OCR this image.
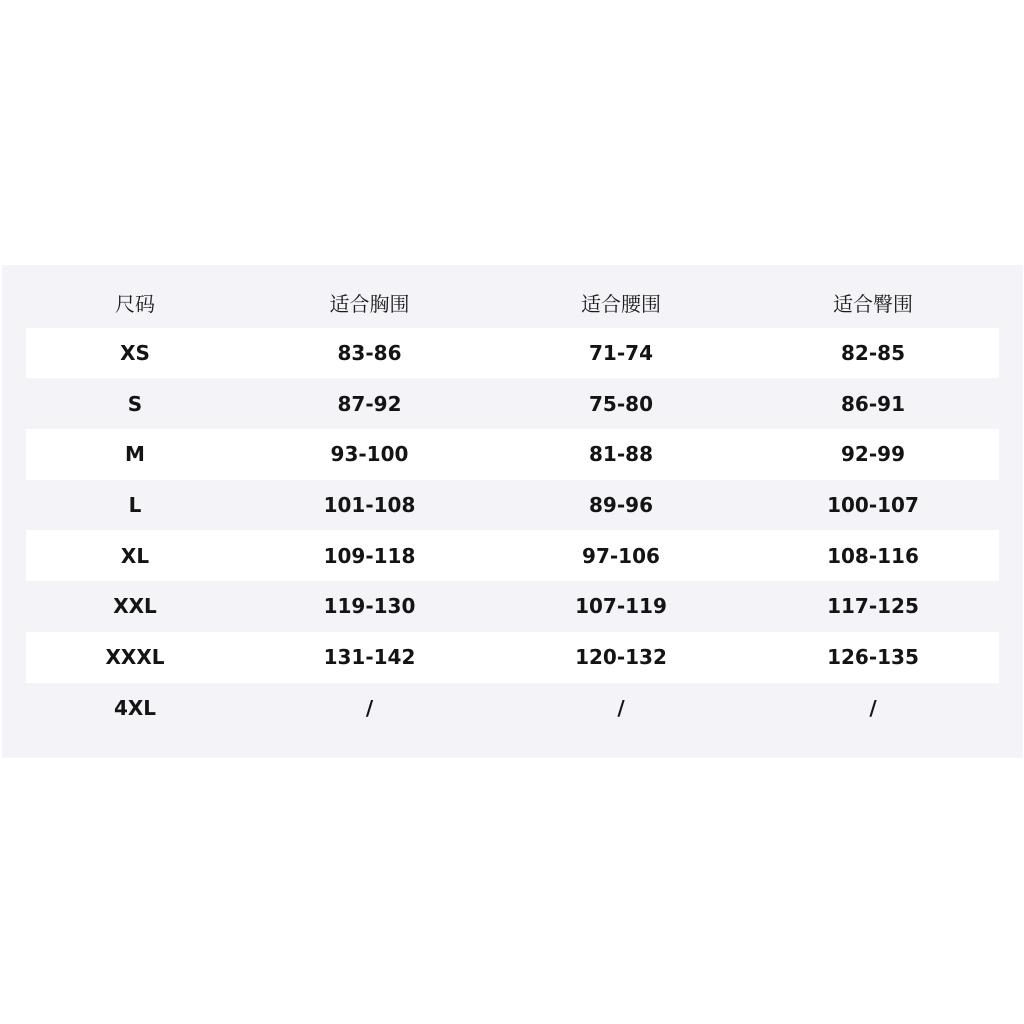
尺码	适合胸围	适合腰围	适合臀围
XS	83-86	71-74	82-85
S	87-92	75-80	86-91
M	93-100	81-88	92-99
L	101-108	89-96	100-107
XL	109-118	97-106	108-116
XXL	119-130	107-119	117-125
XXXL	131-142	120-132	126-135
4XL	/	/	/
